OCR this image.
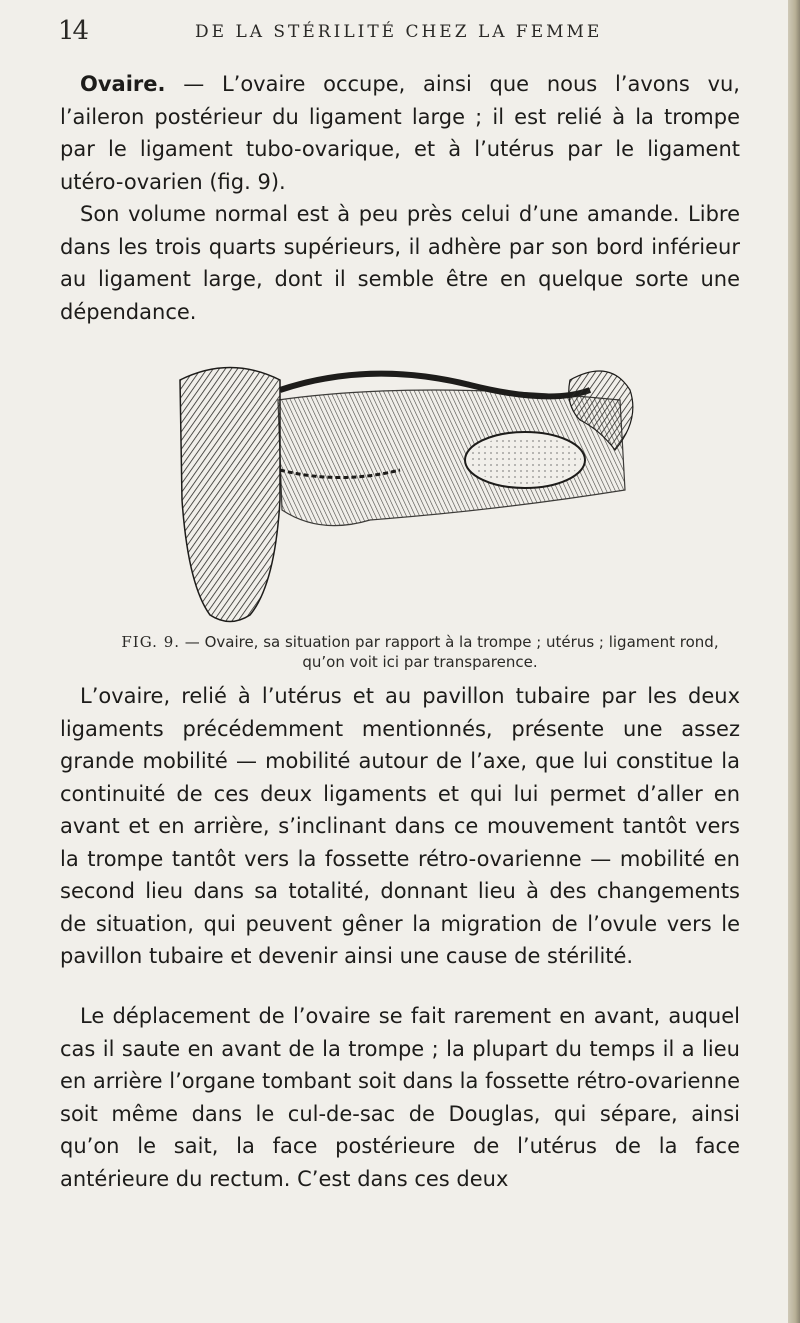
14	DE LA STÉRILITÉ CHEZ LA FEMME

Ovaire. — L’ovaire occupe, ainsi que nous l’avons vu, l’aileron postérieur du ligament large ; il est relié à la trompe par le ligament tubo-ovarique, et à l’utérus par le ligament utéro-ovarien (fig. 9).

Son volume normal est à peu près celui d’une amande. Libre dans les trois quarts supérieurs, il adhère par son bord inférieur au ligament large, dont il semble être en quelque sorte une dépendance.

FIG. 9. — Ovaire, sa situation par rapport à la trompe ; utérus ; ligament rond, qu’on voit ici par transparence.

L’ovaire, relié à l’utérus et au pavillon tubaire par les deux ligaments précédemment mentionnés, présente une assez grande mobilité — mobilité autour de l’axe, que lui constitue la continuité de ces deux ligaments et qui lui permet d’aller en avant et en arrière, s’inclinant dans ce mouvement tantôt vers la trompe tantôt vers la fossette rétro-ovarienne — mobilité en second lieu dans sa totalité, donnant lieu à des changements de situation, qui peuvent gêner la migration de l’ovule vers le pavillon tubaire et devenir ainsi une cause de stérilité.

Le déplacement de l’ovaire se fait rarement en avant, auquel cas il saute en avant de la trompe ; la plupart du temps il a lieu en arrière l’organe tombant soit dans la fossette rétro-ovarienne soit même dans le cul-de-sac de Douglas, qui sépare, ainsi qu’on le sait, la face postérieure de l’utérus de la face antérieure du rectum. C’est dans ces deux
